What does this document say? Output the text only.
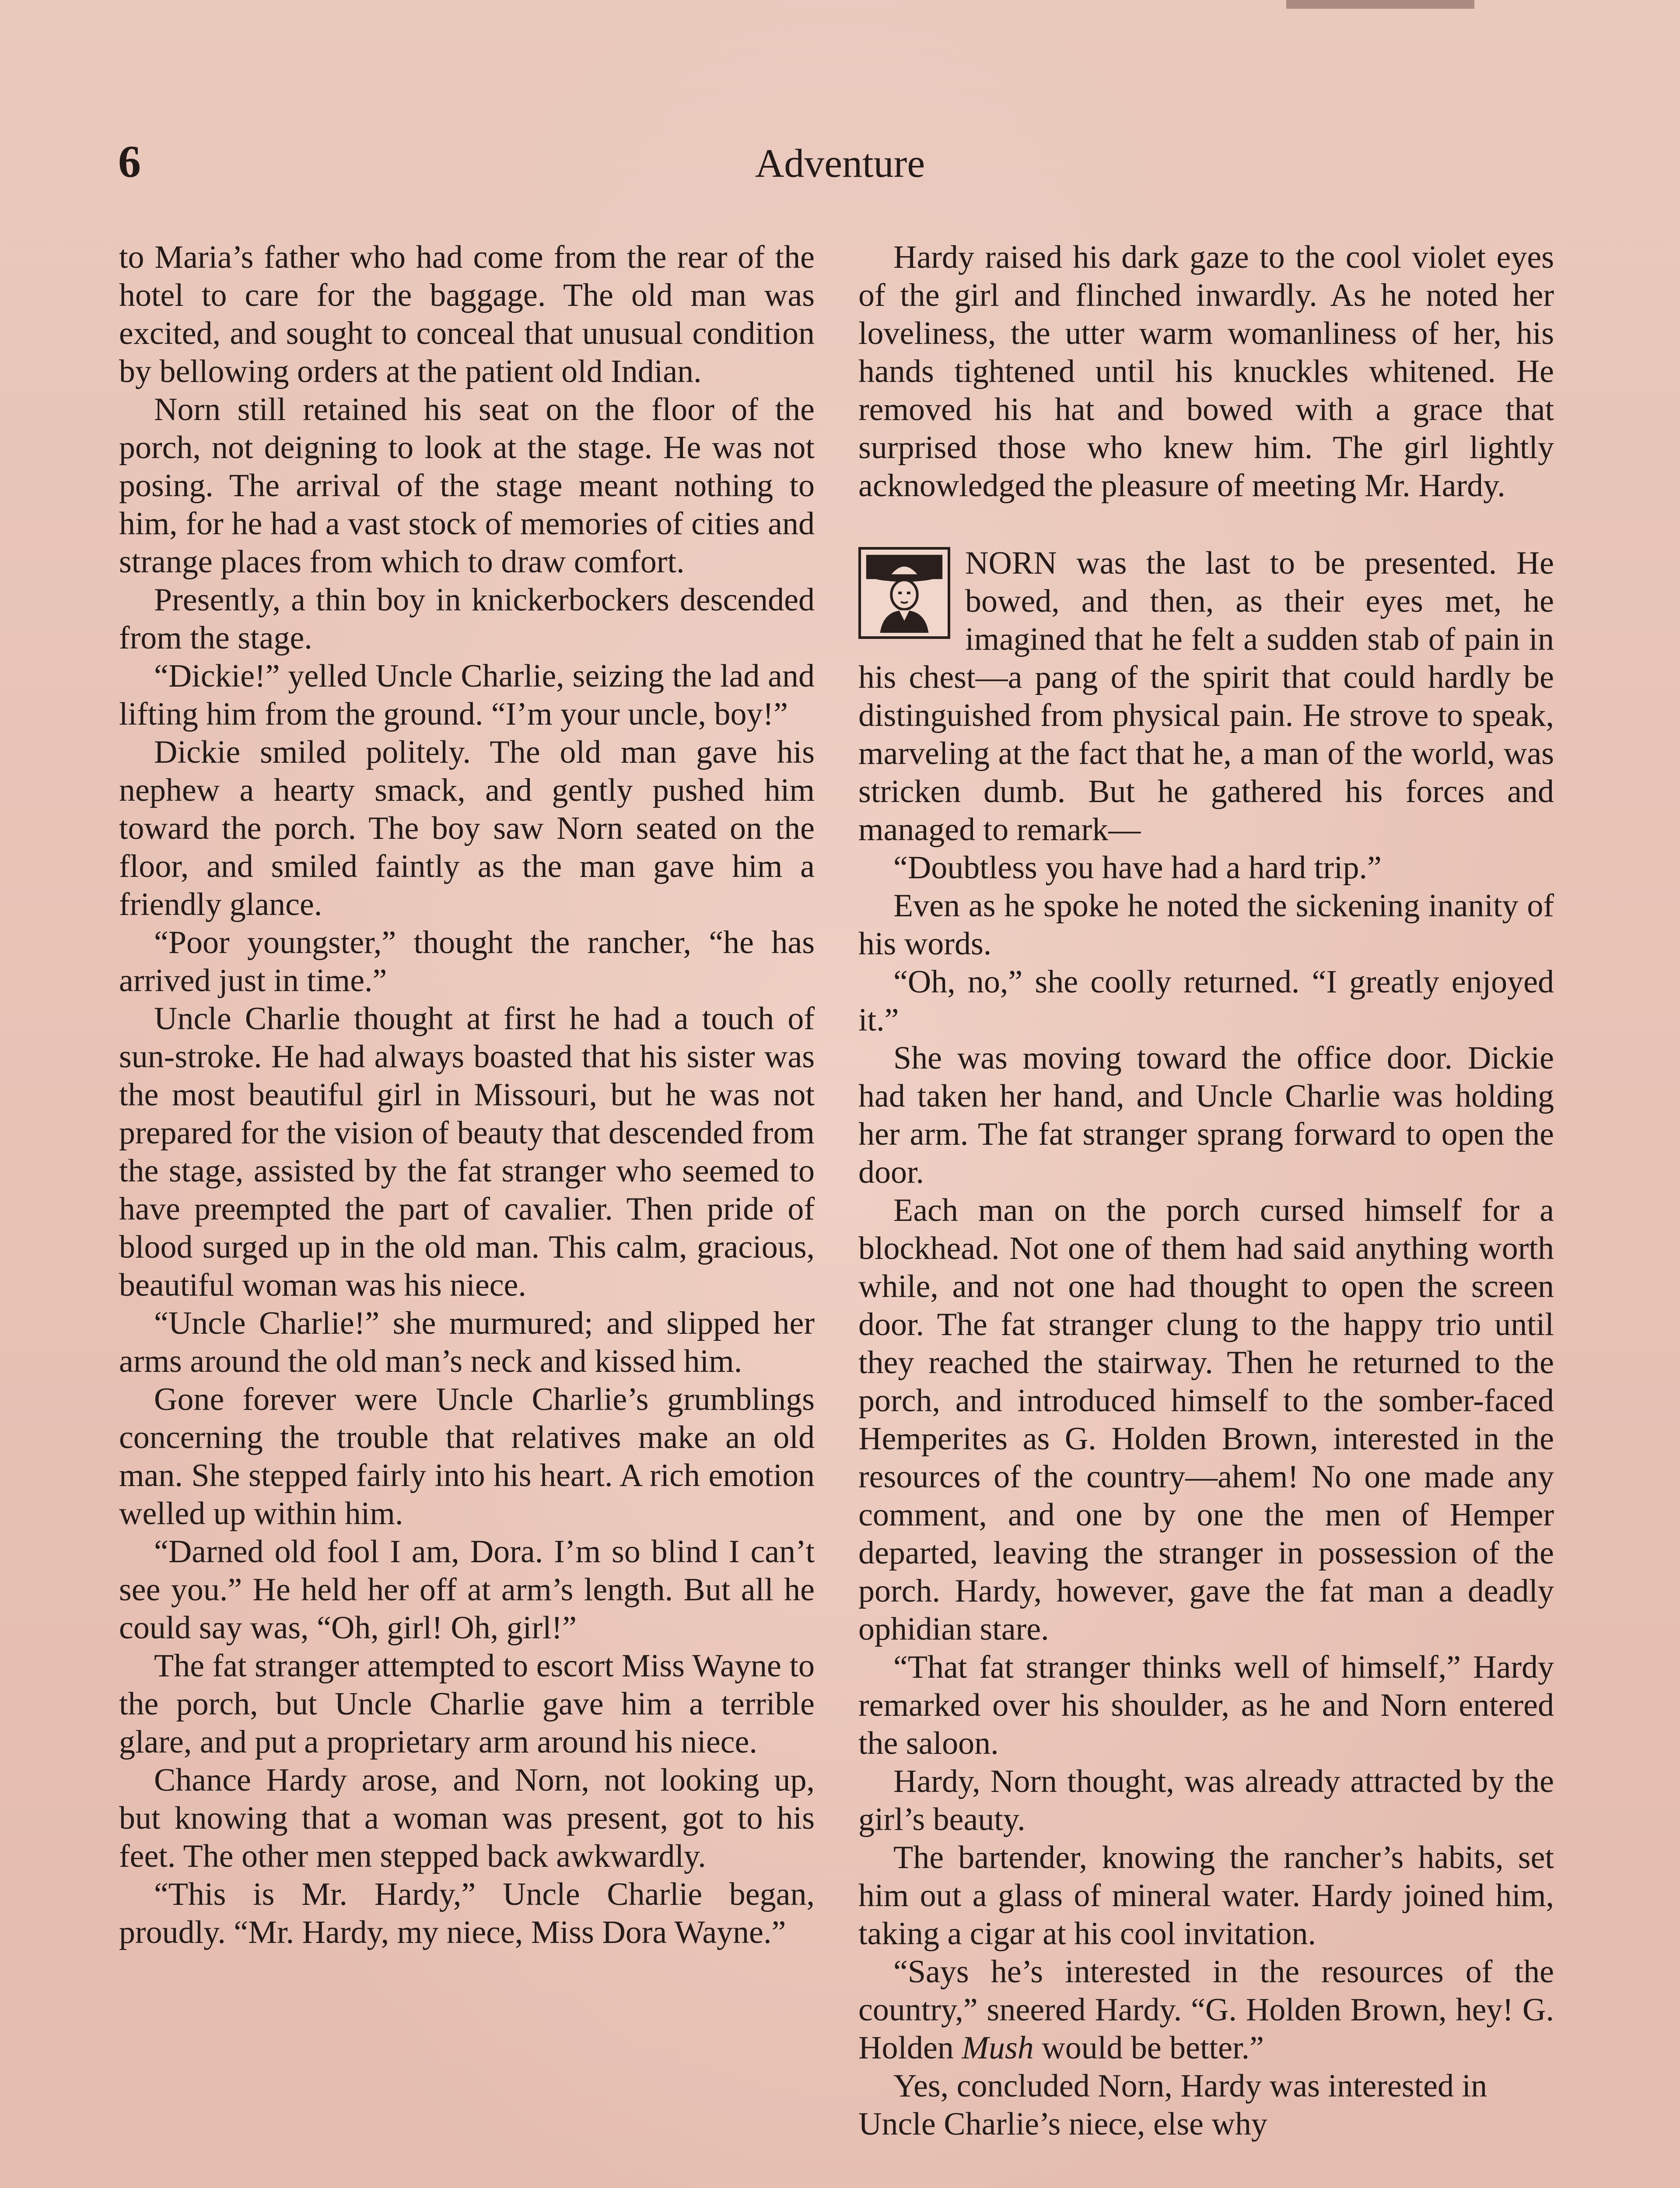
6	Adventure

to Maria’s father who had come from the rear of the hotel to care for the baggage. The old man was excited, and sought to conceal that unusual condition by bellowing orders at the patient old Indian.

Norn still retained his seat on the floor of the porch, not deigning to look at the stage. He was not posing. The arrival of the stage meant nothing to him, for he had a vast stock of memories of cities and strange places from which to draw comfort.

Presently, a thin boy in knickerbockers descended from the stage.

“Dickie!” yelled Uncle Charlie, seizing the lad and lifting him from the ground. “I’m your uncle, boy!”

Dickie smiled politely. The old man gave his nephew a hearty smack, and gently pushed him toward the porch. The boy saw Norn seated on the floor, and smiled faintly as the man gave him a friendly glance.

“Poor youngster,” thought the rancher, “he has arrived just in time.”

Uncle Charlie thought at first he had a touch of sun-stroke. He had always boasted that his sister was the most beautiful girl in Missouri, but he was not prepared for the vision of beauty that descended from the stage, assisted by the fat stranger who seemed to have preempted the part of cavalier. Then pride of blood surged up in the old man. This calm, gracious, beautiful woman was his niece.

“Uncle Charlie!” she murmured; and slipped her arms around the old man’s neck and kissed him.

Gone forever were Uncle Charlie’s grumblings concerning the trouble that relatives make an old man. She stepped fairly into his heart. A rich emotion welled up within him.

“Darned old fool I am, Dora. I’m so blind I can’t see you.” He held her off at arm’s length. But all he could say was, “Oh, girl! Oh, girl!”

The fat stranger attempted to escort Miss Wayne to the porch, but Uncle Charlie gave him a terrible glare, and put a proprietary arm around his niece.

Chance Hardy arose, and Norn, not looking up, but knowing that a woman was present, got to his feet. The other men stepped back awkwardly.

“This is Mr. Hardy,” Uncle Charlie began, proudly. “Mr. Hardy, my niece, Miss Dora Wayne.”

Hardy raised his dark gaze to the cool violet eyes of the girl and flinched inwardly. As he noted her loveliness, the utter warm womanliness of her, his hands tightened until his knuckles whitened. He removed his hat and bowed with a grace that surprised those who knew him. The girl lightly acknowledged the pleasure of meeting Mr. Hardy.

NORN was the last to be presented. He bowed, and then, as their eyes met, he imagined that he felt a sudden stab of pain in his chest—a pang of the spirit that could hardly be distinguished from physical pain. He strove to speak, marveling at the fact that he, a man of the world, was stricken dumb. But he gathered his forces and managed to remark—

“Doubtless you have had a hard trip.”

Even as he spoke he noted the sickening inanity of his words.

“Oh, no,” she coolly returned. “I greatly enjoyed it.”

She was moving toward the office door. Dickie had taken her hand, and Uncle Charlie was holding her arm. The fat stranger sprang forward to open the door.

Each man on the porch cursed himself for a blockhead. Not one of them had said anything worth while, and not one had thought to open the screen door. The fat stranger clung to the happy trio until they reached the stairway. Then he returned to the porch, and introduced himself to the somber-faced Hemperites as G. Holden Brown, interested in the resources of the country—ahem! No one made any comment, and one by one the men of Hemper departed, leaving the stranger in possession of the porch. Hardy, however, gave the fat man a deadly ophidian stare.

“That fat stranger thinks well of himself,” Hardy remarked over his shoulder, as he and Norn entered the saloon.

Hardy, Norn thought, was already attracted by the girl’s beauty.

The bartender, knowing the rancher’s habits, set him out a glass of mineral water. Hardy joined him, taking a cigar at his cool invitation.

“Says he’s interested in the resources of the country,” sneered Hardy. “G. Holden Brown, hey! G. Holden Mush would be better.”

Yes, concluded Norn, Hardy was interested in Uncle Charlie’s niece, else why
